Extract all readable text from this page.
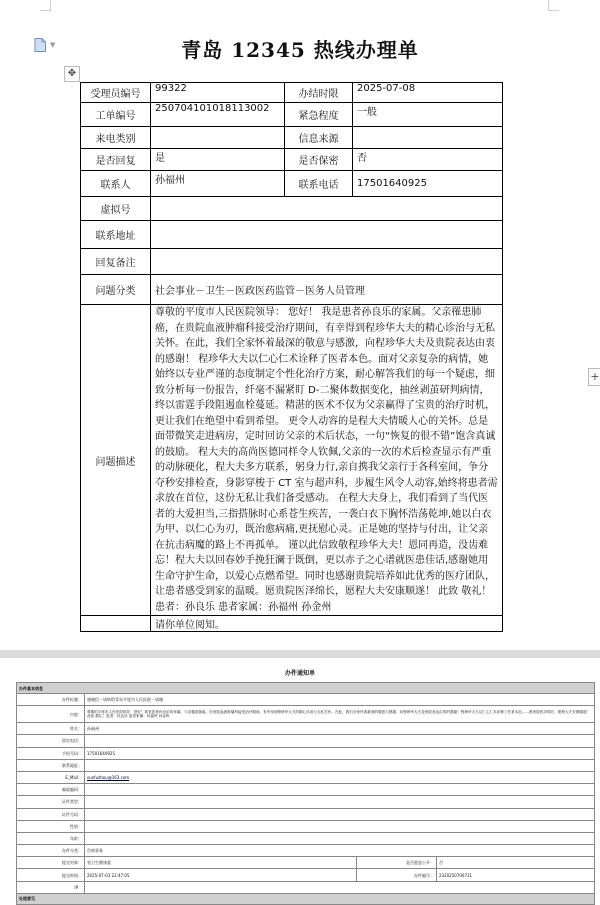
▼	青岛 12345 热线办理单
✥
+
受理员编号	99322	办结时限	2025-07-08
工单编号	250704101018113002	紧急程度	一般
来电类别		信息来源	
是否回复	是	是否保密	否
联系人	孙福州	联系电话	17501640925
虚拟号			
联系地址			
回复备注			
问题分类	社会事业－卫生－医政医药监管－医务人员管理		
问题描述	尊敬的平度市人民医院领导： 您好！ 我是患者孙良乐的家属。父亲罹患肺癌，在贵院血液肿瘤科接受治疗期间，有幸得到程珍华大夫的精心诊治与无私关怀。在此，我们全家怀着最深的敬意与感激，向程珍华大夫及贵院表达由衷的感谢！ 程珍华大夫以仁心仁术诠释了医者本色。面对父亲复杂的病情，她始终以专业严谨的态度制定个性化治疗方案，耐心解答我们的每一个疑虑，细致分析每一份报告，纤毫不漏紧盯 D-二聚体数据变化，抽丝剥茧研判病情，终以雷霆手段阻遏血栓蔓延。精湛的医术不仅为父亲赢得了宝贵的治疗时机，更让我们在绝望中看到希望。 更令人动容的是程大夫情暖人心的关怀。总是面带微笑走进病房，定时回访父亲的术后状态，一句“恢复的很不错”饱含真诚的鼓励。 程大夫的高尚医德同样令人钦佩,父亲的一次的术后检查显示有严重的动脉硬化，程大夫多方联系，躬身力行,亲自携我父亲行于各科室间，争分夺秒安排检查，身影穿梭于 CT 室与超声科，步履生风令人动容,始终将患者需求放在首位，这份无私让我们备受感动。 在程大夫身上，我们看到了当代医者的大爱担当,三指搭脉时心系苍生疾苦，一袭白衣下胸怀浩荡乾坤,她以白衣为甲、以仁心为刃，既治愈病痛,更抚慰心灵。正是她的坚持与付出，让父亲在抗击病魔的路上不再孤单。 谨以此信致敬程珍华大夫！恩同再造，没齿难忘！程大夫以回春妙手挽狂澜于既倒，更以赤子之心谱就医患佳话,感谢她用生命守护生命，以爱心点燃希望。同时也感谢贵院培养如此优秀的医疗团队，让患者感受到家的温暖。愿贵院医泽绵长，愿程大夫安康顺遂！ 此致 敬礼！ 患者：孙良乐 患者家属：孙福州 孙金州		
	请你单位阅知。		
办件通知单
办件基本信息			
办件标题：	感谢信－请转给青岛平度市人民医院－请谢		
内容：	尊敬的平度市人民医院领导：您好！我是患者孙良乐的家属。父亲罹患肺癌，在贵院血液肿瘤科接受治疗期间，有幸得到程珍华大夫的精心诊治与无私关怀。在此，我们全家怀着最深的敬意与感激，向程珍华大夫及贵院表达由衷的感谢！程珍华大夫以仁心仁术诠释了医者本色……愿贵院医泽绵长，愿程大夫安康顺遂！此致 敬礼！患者：孙良乐 患者家属：孙福州 孙金州		
姓名：	孙福州		
固定电话：			
手机号码：	17501640925		
联系地址：			
E_Mail：	sunfuzhou@163.com		
邮政编码：			
证件类型：			
证件号码：			
性别：			
年龄：			
办件分类：	咨询事务		
提交对象：	省卫生健康委	是否愿意公开：	否
提交时间：	2025-07-03 22:47:05	办件编号：	2320250700731
IP：			
处理意见			
